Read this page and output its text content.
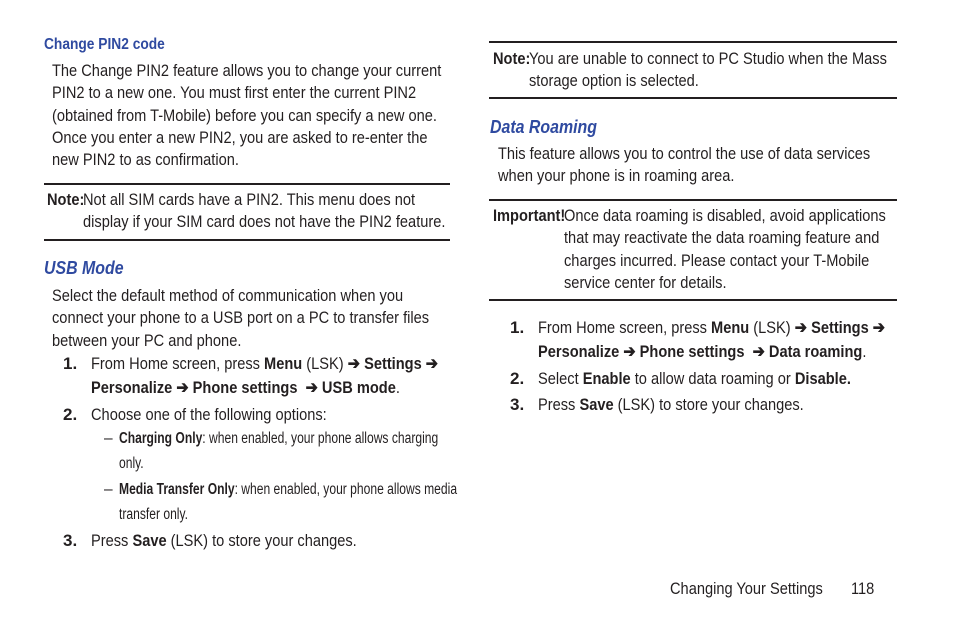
Change PIN2 code
The Change PIN2 feature allows you to change your current
PIN2 to a new one. You must first enter the current PIN2
(obtained from T-Mobile) before you can specify a new one.
Once you enter a new PIN2, you are asked to re-enter the
new PIN2 to as confirmation.
Note:
Not all SIM cards have a PIN2. This menu does not
display if your SIM card does not have the PIN2 feature.
USB Mode
Select the default method of communication when you
connect your phone to a USB port on a PC to transfer files
between your PC and phone.
1. From Home screen, press Menu (LSK) ➔ Settings ➔
Personalize ➔ Phone settings ➔ USB mode.
2. Choose one of the following options:
– Charging Only: when enabled, your phone allows charging
only.
– Media Transfer Only: when enabled, your phone allows media
transfer only.
3. Press Save (LSK) to store your changes.
Note:
You are unable to connect to PC Studio when the Mass
storage option is selected.
Data Roaming
This feature allows you to control the use of data services
when your phone is in roaming area.
Important!
Once data roaming is disabled, avoid applications
that may reactivate the data roaming feature and
charges incurred. Please contact your T-Mobile
service center for details.
1. From Home screen, press Menu (LSK) ➔ Settings ➔
Personalize ➔ Phone settings ➔ Data roaming.
2. Select Enable to allow data roaming or Disable.
3. Press Save (LSK) to store your changes.
Changing Your Settings 118
